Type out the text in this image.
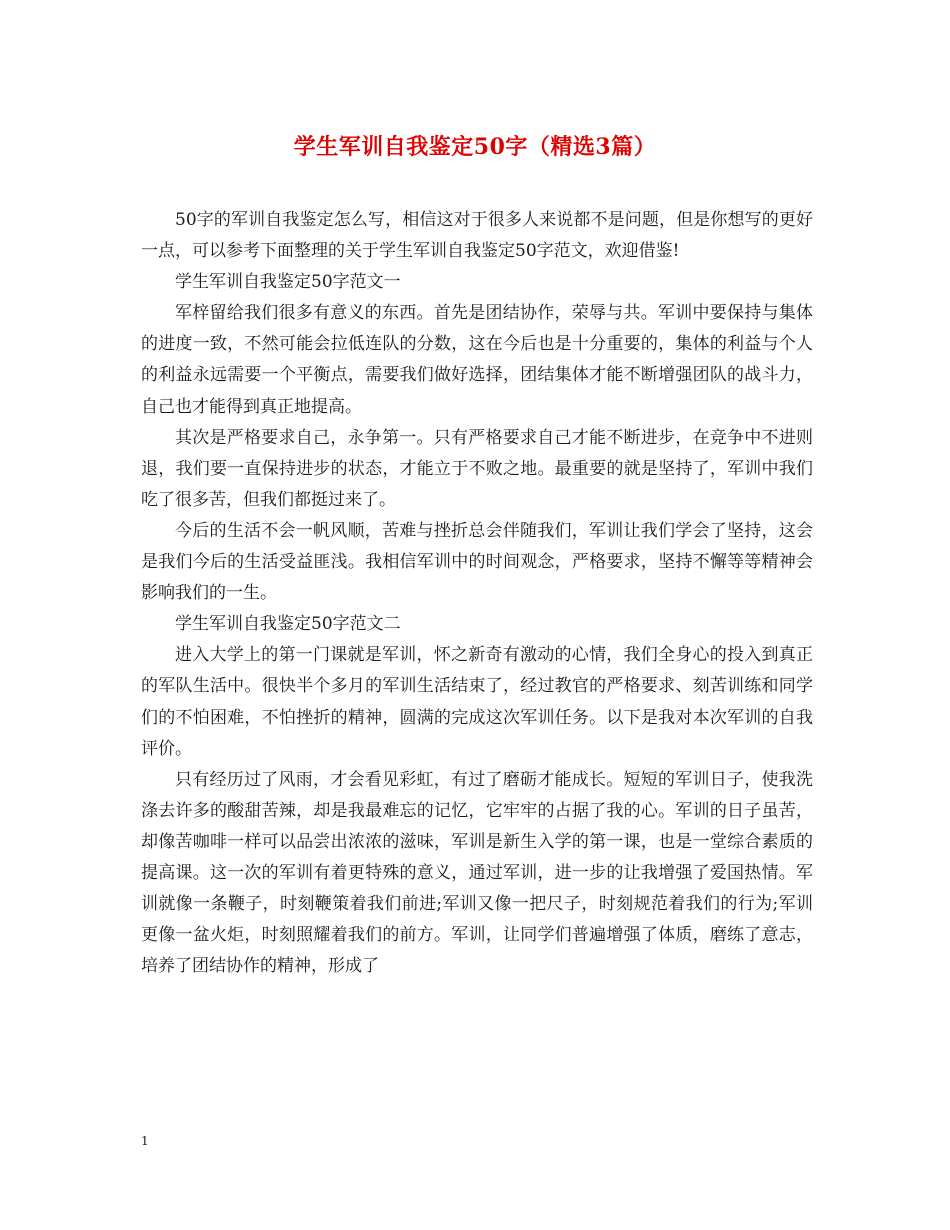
学生军训自我鉴定50字（精选3篇）

50字的军训自我鉴定怎么写，相信这对于很多人来说都不是问题，但是你想写的更好一点，可以参考下面整理的关于学生军训自我鉴定50字范文，欢迎借鉴!

学生军训自我鉴定50字范文一

军梓留给我们很多有意义的东西。首先是团结协作，荣辱与共。军训中要保持与集体的进度一致，不然可能会拉低连队的分数，这在今后也是十分重要的，集体的利益与个人的利益永远需要一个平衡点，需要我们做好选择，团结集体才能不断增强团队的战斗力，自己也才能得到真正地提高。

其次是严格要求自己，永争第一。只有严格要求自己才能不断进步，在竞争中不进则退，我们要一直保持进步的状态，才能立于不败之地。最重要的就是坚持了，军训中我们吃了很多苦，但我们都挺过来了。

今后的生活不会一帆风顺，苦难与挫折总会伴随我们，军训让我们学会了坚持，这会是我们今后的生活受益匪浅。我相信军训中的时间观念，严格要求，坚持不懈等等精神会影响我们的一生。

学生军训自我鉴定50字范文二

进入大学上的第一门课就是军训，怀之新奇有激动的心情，我们全身心的投入到真正的军队生活中。很快半个多月的军训生活结束了，经过教官的严格要求、刻苦训练和同学们的不怕困难，不怕挫折的精神，圆满的完成这次军训任务。以下是我对本次军训的自我评价。

只有经历过了风雨，才会看见彩虹，有过了磨砺才能成长。短短的军训日子，使我洗涤去许多的酸甜苦辣，却是我最难忘的记忆，它牢牢的占据了我的心。军训的日子虽苦，却像苦咖啡一样可以品尝出浓浓的滋味，军训是新生入学的第一课，也是一堂综合素质的提高课。这一次的军训有着更特殊的意义，通过军训，进一步的让我增强了爱国热情。军训就像一条鞭子，时刻鞭策着我们前进;军训又像一把尺子，时刻规范着我们的行为;军训更像一盆火炬，时刻照耀着我们的前方。军训，让同学们普遍增强了体质，磨练了意志，培养了团结协作的精神，形成了

1
